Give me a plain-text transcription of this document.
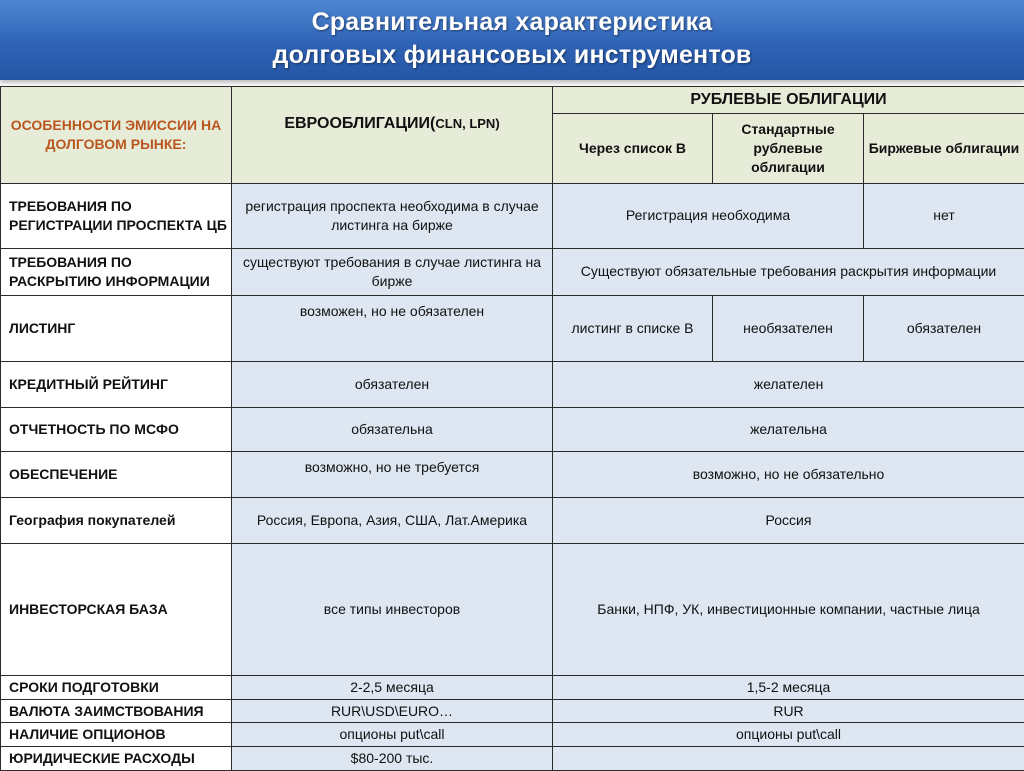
Сравнительная характеристика
долговых финансовых инструментов
ОСОБЕННОСТИ ЭМИССИИ НА ДОЛГОВОМ РЫНКЕ:	ЕВРООБЛИГАЦИИ(CLN, LPN)	РУБЛЕВЫЕ ОБЛИГАЦИИ		
		Через список В	Стандартные рублевые облигации	Биржевые облигации
ТРЕБОВАНИЯ ПО РЕГИСТРАЦИИ ПРОСПЕКТА ЦБ	регистрация проспекта необходима в случае листинга на бирже	Регистрация необходима		нет
ТРЕБОВАНИЯ ПО РАСКРЫТИЮ ИНФОРМАЦИИ	существуют требования в случае листинга на бирже	Существуют обязательные требования раскрытия информации		
ЛИСТИНГ	возможен, но не обязателен	листинг в списке В	необязателен	обязателен
КРЕДИТНЫЙ РЕЙТИНГ	обязателен	желателен		
ОТЧЕТНОСТЬ ПО МСФО	обязательна	желательна		
ОБЕСПЕЧЕНИЕ	возможно, но не требуется	возможно, но не обязательно		
География покупателей	Россия, Европа, Азия, США, Лат.Америка	Россия		
ИНВЕСТОРСКАЯ БАЗА	все типы инвесторов	Банки, НПФ, УК, инвестиционные компании, частные лица		
СРОКИ ПОДГОТОВКИ	2-2,5 месяца	1,5-2 месяца		
ВАЛЮТА ЗАИМСТВОВАНИЯ	RUR\USD\EURO…	RUR		
НАЛИЧИЕ ОПЦИОНОВ	опционы put\call	опционы put\call		
ЮРИДИЧЕСКИЕ РАСХОДЫ	$80-200 тыс.			
